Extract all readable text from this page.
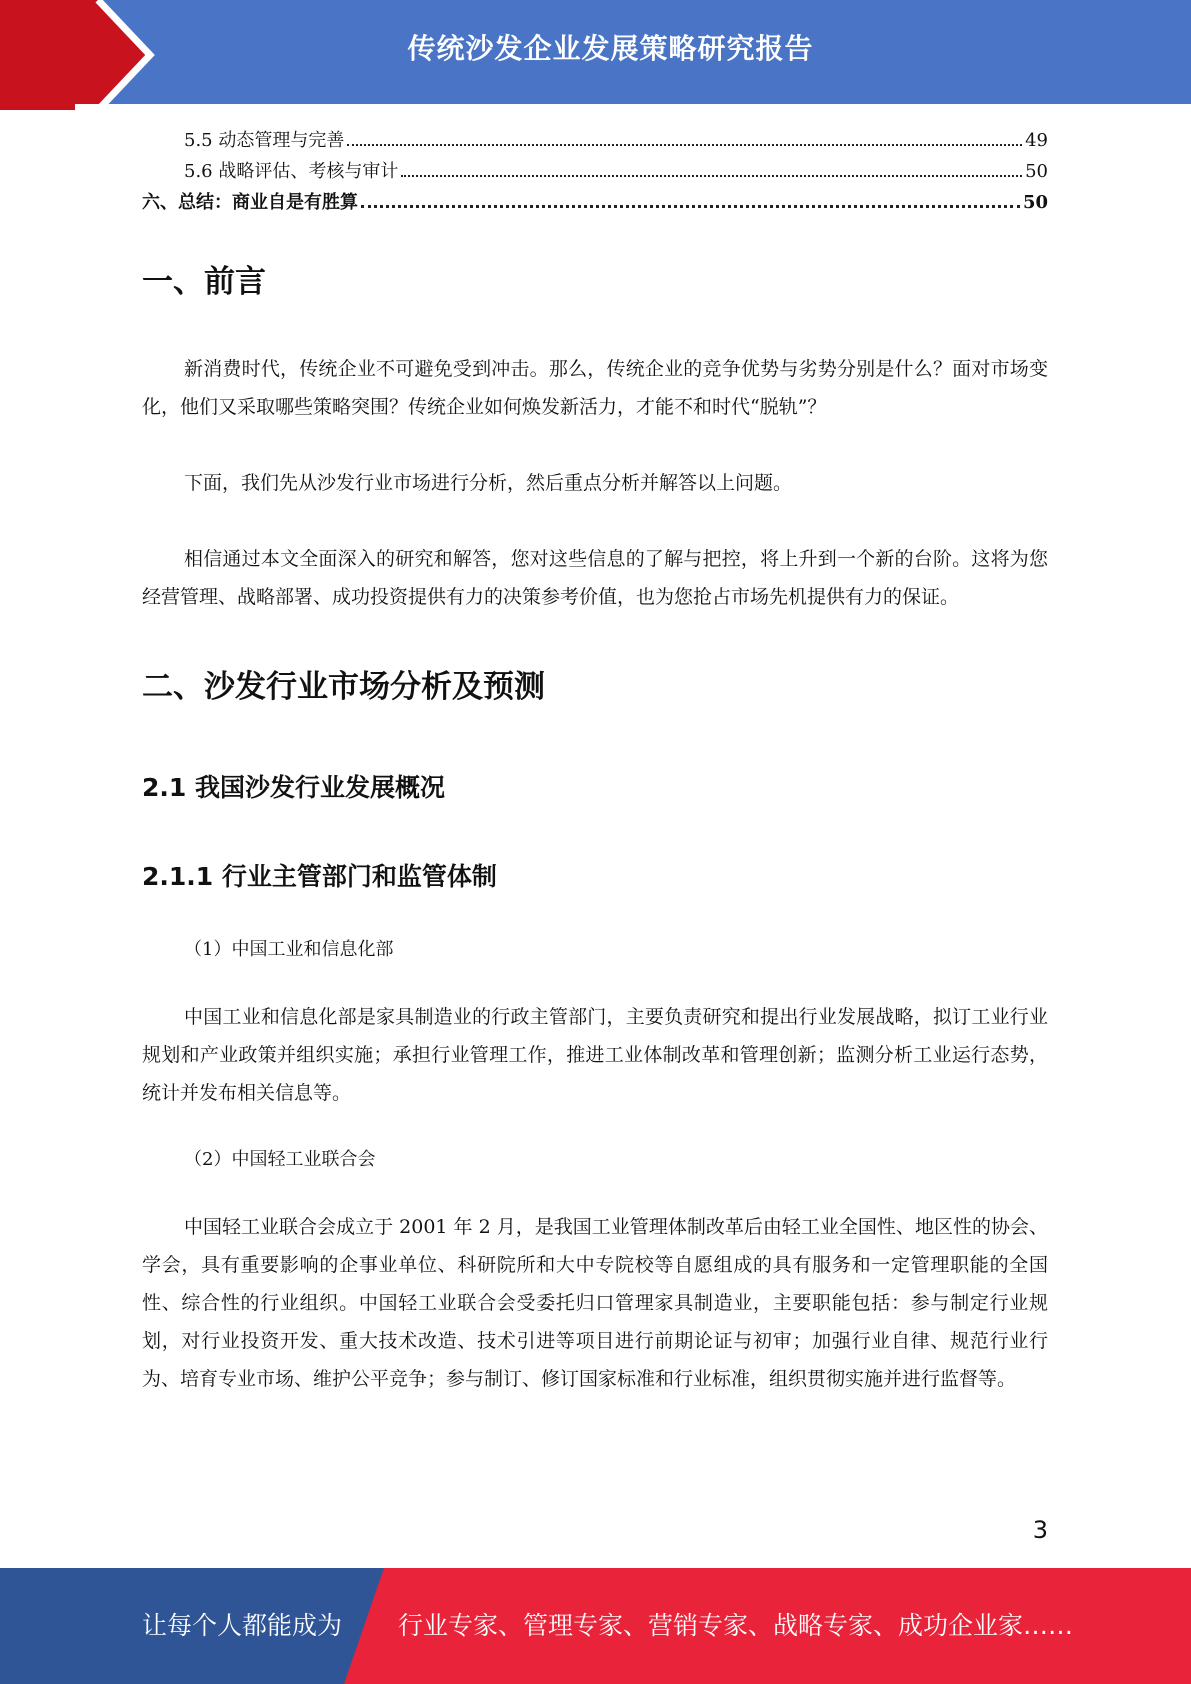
传统沙发企业发展策略研究报告
5.5 动态管理与完善	49
5.6 战略评估、考核与审计	50
六、总结：商业自是有胜算	50
一、前言

新消费时代，传统企业不可避免受到冲击。那么，传统企业的竞争优势与劣势分别是什么？面对市场变化，他们又采取哪些策略突围？传统企业如何焕发新活力，才能不和时代“脱轨”？

下面，我们先从沙发行业市场进行分析，然后重点分析并解答以上问题。

相信通过本文全面深入的研究和解答，您对这些信息的了解与把控，将上升到一个新的台阶。这将为您经营管理、战略部署、成功投资提供有力的决策参考价值，也为您抢占市场先机提供有力的保证。

二、沙发行业市场分析及预测
2.1 我国沙发行业发展概况
2.1.1 行业主管部门和监管体制

（1）中国工业和信息化部

中国工业和信息化部是家具制造业的行政主管部门，主要负责研究和提出行业发展战略，拟订工业行业规划和产业政策并组织实施；承担行业管理工作，推进工业体制改革和管理创新；监测分析工业运行态势，统计并发布相关信息等。

（2）中国轻工业联合会

中国轻工业联合会成立于 2001 年 2 月，是我国工业管理体制改革后由轻工业全国性、地区性的协会、学会，具有重要影响的企事业单位、科研院所和大中专院校等自愿组成的具有服务和一定管理职能的全国性、综合性的行业组织。中国轻工业联合会受委托归口管理家具制造业，主要职能包括：参与制定行业规划，对行业投资开发、重大技术改造、技术引进等项目进行前期论证与初审；加强行业自律、规范行业行为、培育专业市场、维护公平竞争；参与制订、修订国家标准和行业标准，组织贯彻实施并进行监督等。

3
让每个人都能成为 行业专家、管理专家、营销专家、战略专家、成功企业家……
